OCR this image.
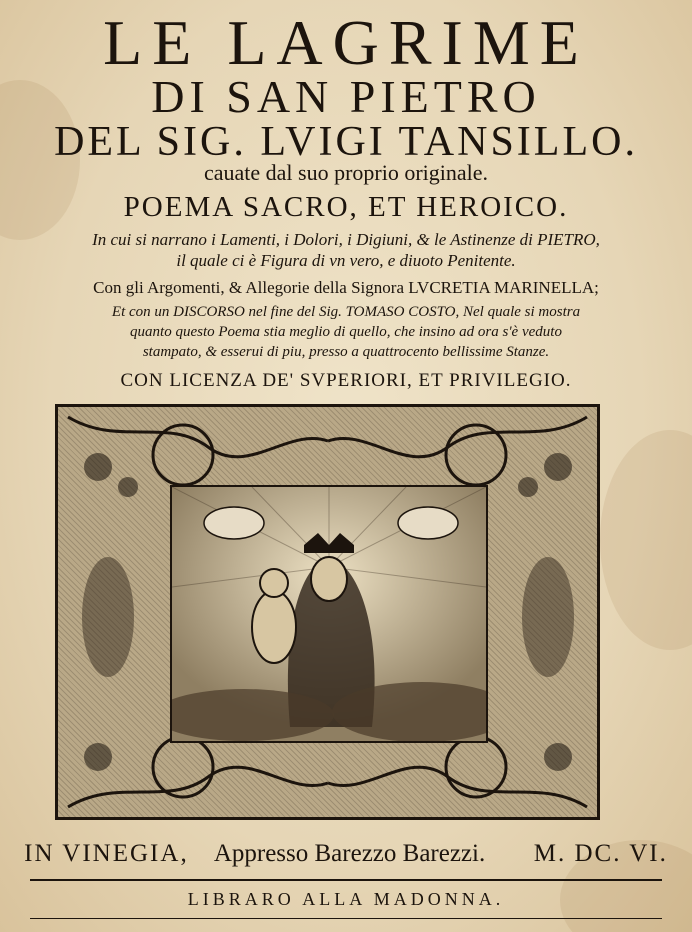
LE LAGRIME
DI SAN PIETRO
DEL SIG. LVIGI TANSILLO.
cauate dal suo proprio originale.
POEMA SACRO, ET HEROICO.
In cui si narrano i Lamenti, i Dolori, i Digiuni, & le Astinenze di PIETRO,
il quale ci è Figura di vn vero, e diuoto Penitente.
Con gli Argomenti, & Allegorie della Signora LVCRETIA MARINELLA;
Et con un DISCORSO nel fine del Sig. TOMASO COSTO, Nel quale si mostra
quanto questo Poema stia meglio di quello, che insino ad ora s'è veduto
stampato, & esserui di piu, presso a quattrocento bellissime Stanze.
CON LICENZA DE' SVPERIORI, ET PRIVILEGIO.
IN VINEGIA, Appresso Barezzo Barezzi. M. DC. VI.
LIBRARO ALLA MADONNA.
